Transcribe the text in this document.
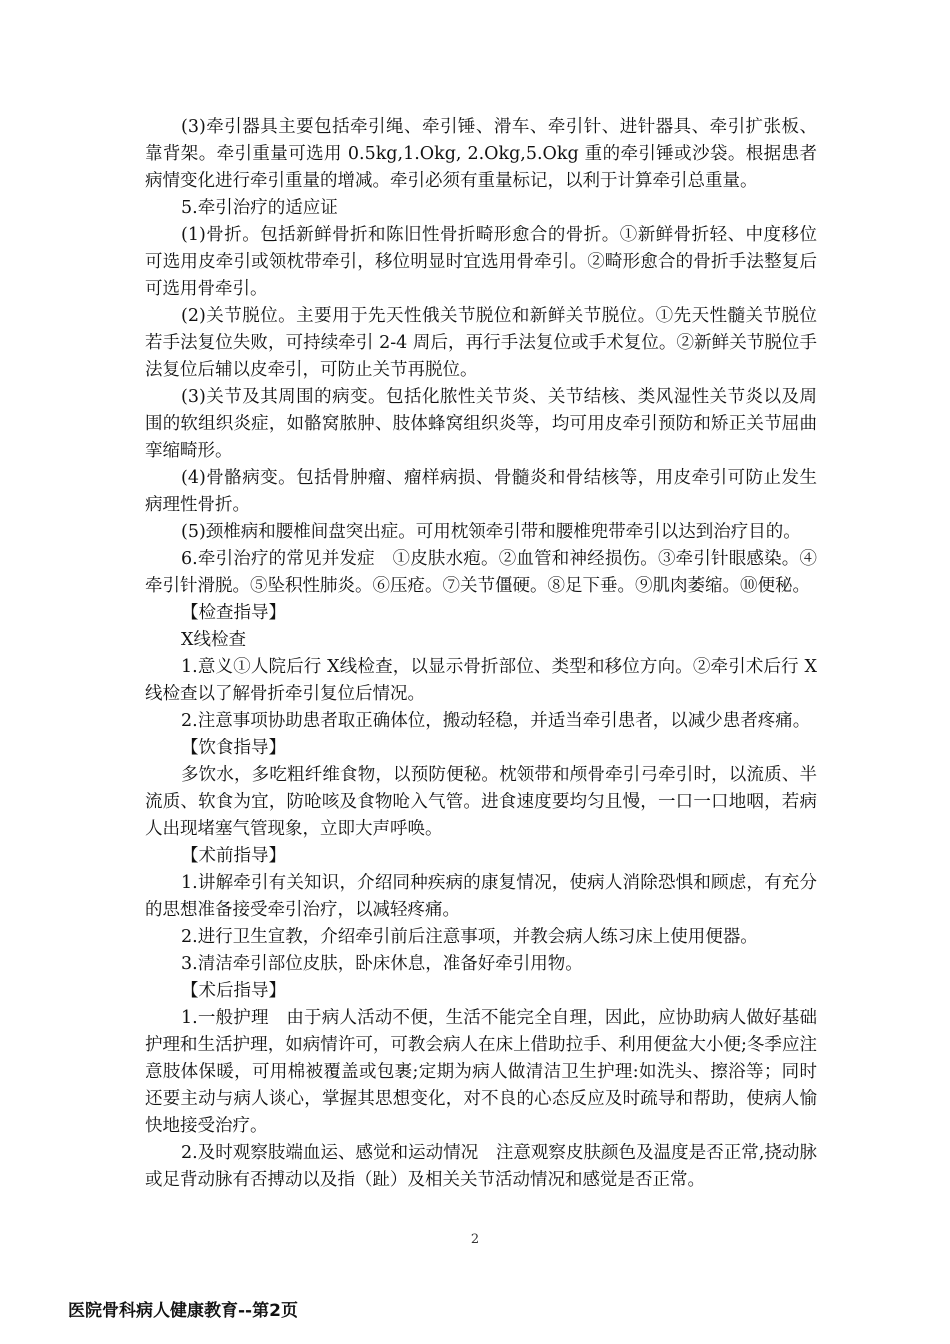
(3)牵引器具主要包括牵引绳、牵引锤、滑车、牵引针、进针器具、牵引扩张板、靠背架。牵引重量可选用 0.5kg,1.Okg, 2.Okg,5.Okg 重的牵引锤或沙袋。根据患者病情变化进行牵引重量的增减。牵引必须有重量标记，以利于计算牵引总重量。

5.牵引治疗的适应证

(1)骨折。包括新鲜骨折和陈旧性骨折畸形愈合的骨折。①新鲜骨折轻、中度移位可选用皮牵引或领枕带牵引，移位明显时宜选用骨牵引。②畸形愈合的骨折手法整复后可选用骨牵引。

(2)关节脱位。主要用于先天性俄关节脱位和新鲜关节脱位。①先天性髓关节脱位若手法复位失败，可持续牵引 2-4 周后，再行手法复位或手术复位。②新鲜关节脱位手法复位后辅以皮牵引，可防止关节再脱位。

(3)关节及其周围的病变。包括化脓性关节炎、关节结核、类风湿性关节炎以及周围的软组织炎症，如骼窝脓肿、肢体蜂窝组织炎等，均可用皮牵引预防和矫正关节屈曲挛缩畸形。

(4)骨骼病变。包括骨肿瘤、瘤样病损、骨髓炎和骨结核等，用皮牵引可防止发生病理性骨折。

(5)颈椎病和腰椎间盘突出症。可用枕领牵引带和腰椎兜带牵引以达到治疗目的。

6.牵引治疗的常见并发症　①皮肤水疱。②血管和神经损伤。③牵引针眼感染。④牵引针滑脱。⑤坠积性肺炎。⑥压疮。⑦关节僵硬。⑧足下垂。⑨肌肉萎缩。⑩便秘。

【检查指导】

X线检查

1.意义①人院后行 X线检查，以显示骨折部位、类型和移位方向。②牵引术后行 X线检查以了解骨折牵引复位后情况。

2.注意事项协助患者取正确体位，搬动轻稳，并适当牵引患者，以减少患者疼痛。

【饮食指导】

多饮水，多吃粗纤维食物，以预防便秘。枕领带和颅骨牵引弓牵引时，以流质、半流质、软食为宜，防呛咳及食物呛入气管。进食速度要均匀且慢，一口一口地咽，若病人出现堵塞气管现象，立即大声呼唤。

【术前指导】

1.讲解牵引有关知识，介绍同种疾病的康复情况，使病人消除恐惧和顾虑，有充分的思想准备接受牵引治疗，以减轻疼痛。

2.进行卫生宣教，介绍牵引前后注意事项，并教会病人练习床上使用便器。

3.清洁牵引部位皮肤，卧床休息，准备好牵引用物。

【术后指导】

1.一般护理　由于病人活动不便，生活不能完全自理，因此，应协助病人做好基础护理和生活护理，如病情许可，可教会病人在床上借助拉手、利用便盆大小便;冬季应注意肢体保暖，可用棉被覆盖或包裹;定期为病人做清洁卫生护理:如洗头、擦浴等；同时还要主动与病人谈心，掌握其思想变化，对不良的心态反应及时疏导和帮助，使病人愉快地接受治疗。

2.及时观察肢端血运、感觉和运动情况　注意观察皮肤颜色及温度是否正常,挠动脉或足背动脉有否搏动以及指（趾）及相关关节活动情况和感觉是否正常。

2
医院骨科病人健康教育--第2页
